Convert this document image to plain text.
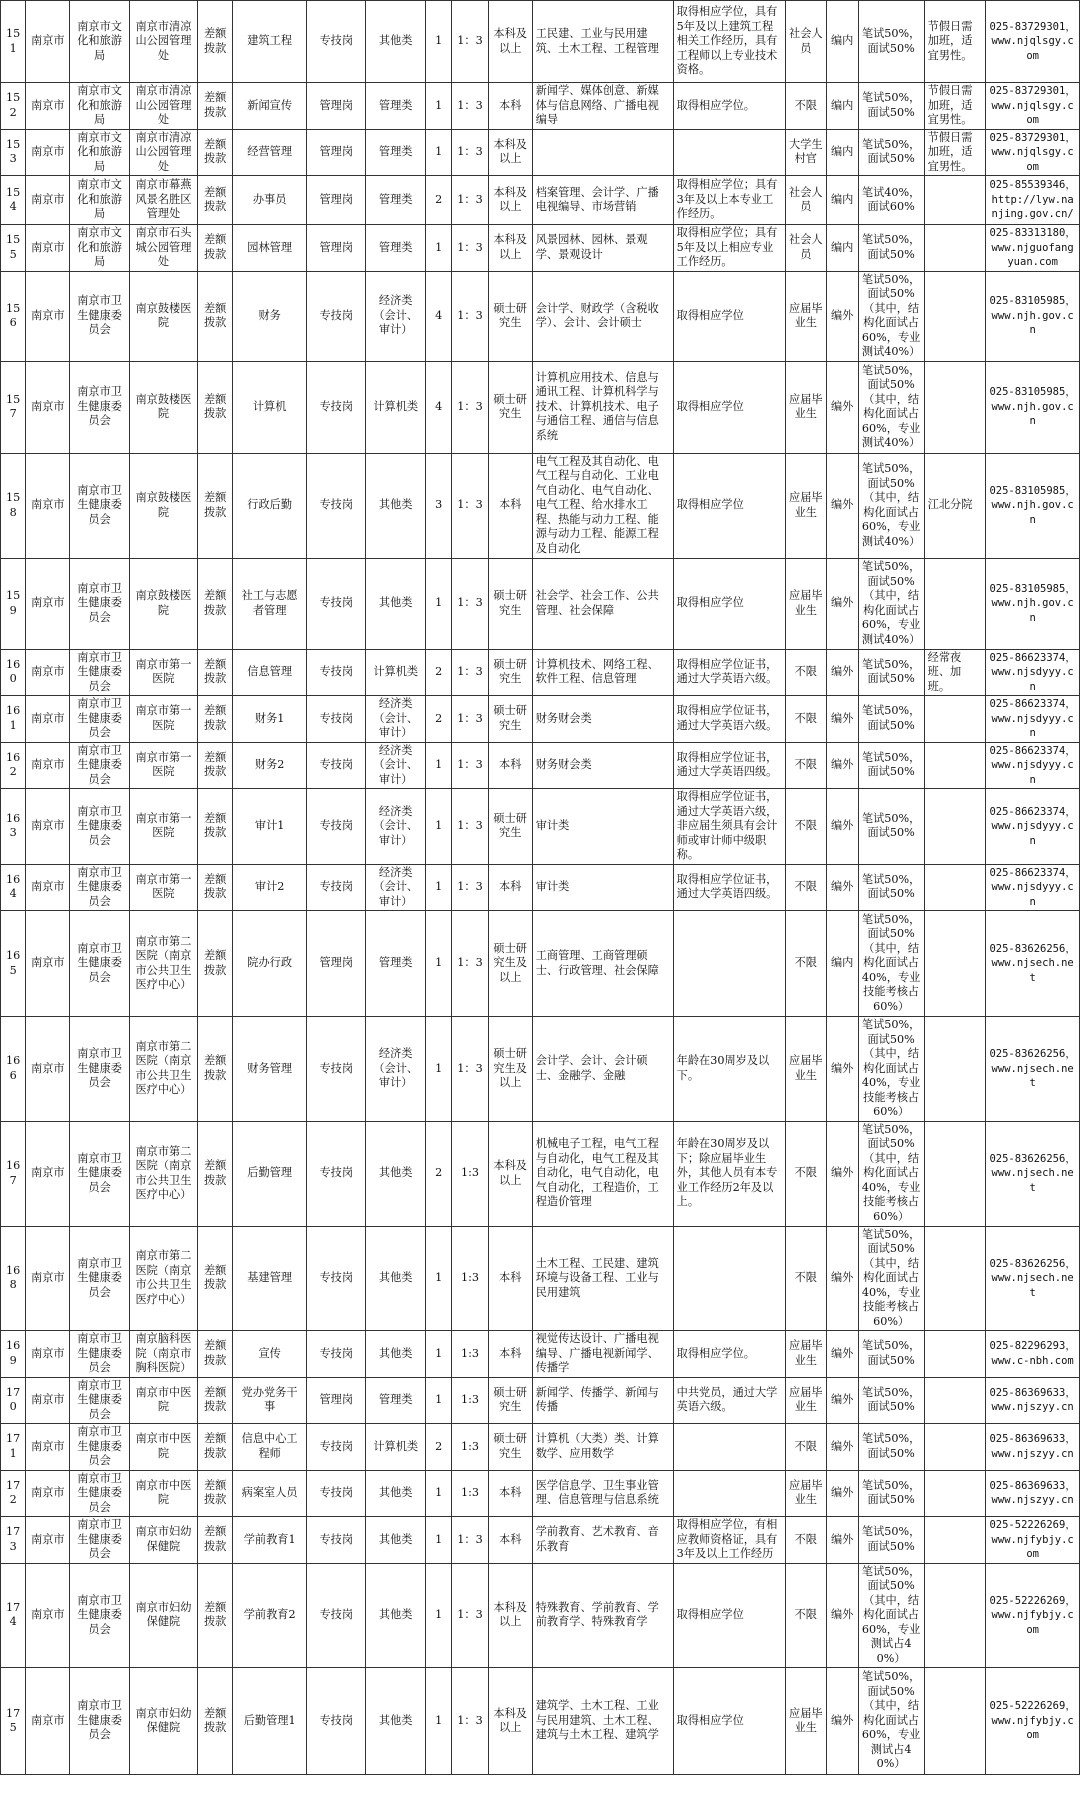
151	南京市	南京市文化和旅游局	南京市清凉山公园管理处	差额拨款	建筑工程	专技岗	其他类	1	1：3	本科及以上	工民建、工业与民用建筑、土木工程、工程管理	取得相应学位，具有5年及以上建筑工程相关工作经历，具有工程师以上专业技术资格。	社会人员	编内	笔试50%，面试50%	节假日需加班，适宜男性。	025-83729301，www.njqlsgy.com
152	南京市	南京市文化和旅游局	南京市清凉山公园管理处	差额拨款	新闻宣传	管理岗	管理类	1	1：3	本科	新闻学、媒体创意、新媒体与信息网络、广播电视编导	取得相应学位。	不限	编内	笔试50%，面试50%	节假日需加班，适宜男性。	025-83729301，www.njqlsgy.com
153	南京市	南京市文化和旅游局	南京市清凉山公园管理处	差额拨款	经营管理	管理岗	管理类	1	1：3	本科及以上			大学生村官	编内	笔试50%，面试50%	节假日需加班，适宜男性。	025-83729301，www.njqlsgy.com
154	南京市	南京市文化和旅游局	南京市幕燕风景名胜区管理处	差额拨款	办事员	管理岗	管理类	2	1：3	本科及以上	档案管理、会计学、广播电视编导、市场营销	取得相应学位；具有3年及以上本专业工作经历。	社会人员	编内	笔试40%，面试60%		025-85539346，http://lyw.nanjing.gov.cn/
155	南京市	南京市文化和旅游局	南京市石头城公园管理处	差额拨款	园林管理	管理岗	管理类	1	1：3	本科及以上	风景园林、园林、景观学、景观设计	取得相应学位；具有5年及以上相应专业工作经历。	社会人员	编内	笔试50%，面试50%		025-83313180，www.njguofangyuan.com
156	南京市	南京市卫生健康委员会	南京鼓楼医院	差额拨款	财务	专技岗	经济类（会计、审计）	4	1：3	硕士研究生	会计学、财政学（含税收学）、会计、会计硕士	取得相应学位	应届毕业生	编外	笔试50%，面试50%（其中，结构化面试占60%，专业测试40%）		025-83105985，www.njh.gov.cn
157	南京市	南京市卫生健康委员会	南京鼓楼医院	差额拨款	计算机	专技岗	计算机类	4	1：3	硕士研究生	计算机应用技术、信息与通讯工程、计算机科学与技术、计算机技术、电子与通信工程、通信与信息系统	取得相应学位	应届毕业生	编外	笔试50%，面试50%（其中，结构化面试占60%，专业测试40%）		025-83105985，www.njh.gov.cn
158	南京市	南京市卫生健康委员会	南京鼓楼医院	差额拨款	行政后勤	专技岗	其他类	3	1：3	本科	电气工程及其自动化、电气工程与自动化、工业电气自动化、电气自动化、电气工程、给水排水工程、热能与动力工程、能源与动力工程、能源工程及自动化	取得相应学位	应届毕业生	编外	笔试50%，面试50%（其中，结构化面试占60%，专业测试40%）	江北分院	025-83105985，www.njh.gov.cn
159	南京市	南京市卫生健康委员会	南京鼓楼医院	差额拨款	社工与志愿者管理	专技岗	其他类	1	1：3	硕士研究生	社会学、社会工作、公共管理、社会保障	取得相应学位	应届毕业生	编外	笔试50%，面试50%（其中，结构化面试占60%，专业测试40%）		025-83105985，www.njh.gov.cn
160	南京市	南京市卫生健康委员会	南京市第一医院	差额拨款	信息管理	专技岗	计算机类	2	1：3	硕士研究生	计算机技术、网络工程、软件工程、信息管理	取得相应学位证书，通过大学英语六级。	不限	编外	笔试50%，面试50%	经常夜班、加班。	025-86623374，www.njsdyyy.cn
161	南京市	南京市卫生健康委员会	南京市第一医院	差额拨款	财务1	专技岗	经济类（会计、审计）	2	1：3	硕士研究生	财务财会类	取得相应学位证书，通过大学英语六级。	不限	编外	笔试50%，面试50%		025-86623374，www.njsdyyy.cn
162	南京市	南京市卫生健康委员会	南京市第一医院	差额拨款	财务2	专技岗	经济类（会计、审计）	1	1：3	本科	财务财会类	取得相应学位证书，通过大学英语四级。	不限	编外	笔试50%，面试50%		025-86623374，www.njsdyyy.cn
163	南京市	南京市卫生健康委员会	南京市第一医院	差额拨款	审计1	专技岗	经济类（会计、审计）	1	1：3	硕士研究生	审计类	取得相应学位证书，通过大学英语六级，非应届生须具有会计师或审计师中级职称。	不限	编外	笔试50%，面试50%		025-86623374，www.njsdyyy.cn
164	南京市	南京市卫生健康委员会	南京市第一医院	差额拨款	审计2	专技岗	经济类（会计、审计）	1	1：3	本科	审计类	取得相应学位证书，通过大学英语四级。	不限	编外	笔试50%，面试50%		025-86623374，www.njsdyyy.cn
165	南京市	南京市卫生健康委员会	南京市第二医院（南京市公共卫生医疗中心）	差额拨款	院办行政	管理岗	管理类	1	1：3	硕士研究生及以上	工商管理、工商管理硕士、行政管理、社会保障		不限	编内	笔试50%，面试50%（其中，结构化面试占40%，专业技能考核占60%）		025-83626256，www.njsech.net
166	南京市	南京市卫生健康委员会	南京市第二医院（南京市公共卫生医疗中心）	差额拨款	财务管理	专技岗	经济类（会计、审计）	1	1：3	硕士研究生及以上	会计学、会计、会计硕士、金融学、金融	年龄在30周岁及以下。	应届毕业生	编外	笔试50%，面试50%（其中，结构化面试占40%，专业技能考核占60%）		025-83626256，www.njsech.net
167	南京市	南京市卫生健康委员会	南京市第二医院（南京市公共卫生医疗中心）	差额拨款	后勤管理	专技岗	其他类	2	1:3	本科及以上	机械电子工程，电气工程与自动化，电气工程及其自动化，电气自动化，电气自动化，工程造价，工程造价管理	年龄在30周岁及以下；除应届毕业生外，其他人员有本专业工作经历2年及以上。	不限	编外	笔试50%，面试50%（其中，结构化面试占40%，专业技能考核占60%）		025-83626256，www.njsech.net
168	南京市	南京市卫生健康委员会	南京市第二医院（南京市公共卫生医疗中心）	差额拨款	基建管理	专技岗	其他类	1	1:3	本科	土木工程、工民建、建筑环境与设备工程、工业与民用建筑		不限	编外	笔试50%，面试50%（其中，结构化面试占40%，专业技能考核占60%）		025-83626256，www.njsech.net
169	南京市	南京市卫生健康委员会	南京脑科医院（南京市胸科医院）	差额拨款	宣传	专技岗	其他类	1	1:3	本科	视觉传达设计、广播电视编导、广播电视新闻学、传播学	取得相应学位。	应届毕业生	编外	笔试50%，面试50%		025-82296293，www.c-nbh.com
170	南京市	南京市卫生健康委员会	南京市中医院	差额拨款	党办党务干事	管理岗	管理类	1	1:3	硕士研究生	新闻学、传播学、新闻与传播	中共党员，通过大学英语六级。	应届毕业生	编外	笔试50%，面试50%		025-86369633，www.njszyy.cn
171	南京市	南京市卫生健康委员会	南京市中医院	差额拨款	信息中心工程师	专技岗	计算机类	2	1:3	硕士研究生	计算机（大类）类、计算数学、应用数学		不限	编外	笔试50%，面试50%		025-86369633，www.njszyy.cn
172	南京市	南京市卫生健康委员会	南京市中医院	差额拨款	病案室人员	专技岗	其他类	1	1:3	本科	医学信息学、卫生事业管理、信息管理与信息系统		应届毕业生	编外	笔试50%，面试50%		025-86369633，www.njszyy.cn
173	南京市	南京市卫生健康委员会	南京市妇幼保健院	差额拨款	学前教育1	专技岗	其他类	1	1：3	本科	学前教育、艺术教育、音乐教育	取得相应学位，有相应教师资格证，具有3年及以上工作经历	不限	编外	笔试50%，面试50%		025-52226269，www.njfybjy.com
174	南京市	南京市卫生健康委员会	南京市妇幼保健院	差额拨款	学前教育2	专技岗	其他类	1	1：3	本科及以上	特殊教育、学前教育、学前教育学、特殊教育学	取得相应学位	不限	编外	笔试50%，面试50%（其中，结构化面试占60%，专业测试占40%）		025-52226269，www.njfybjy.com
175	南京市	南京市卫生健康委员会	南京市妇幼保健院	差额拨款	后勤管理1	专技岗	其他类	1	1：3	本科及以上	建筑学、土木工程、工业与民用建筑、土木工程、建筑与土木工程、建筑学	取得相应学位	应届毕业生	编外	笔试50%，面试50%（其中，结构化面试占60%，专业测试占40%）		025-52226269，www.njfybjy.com
